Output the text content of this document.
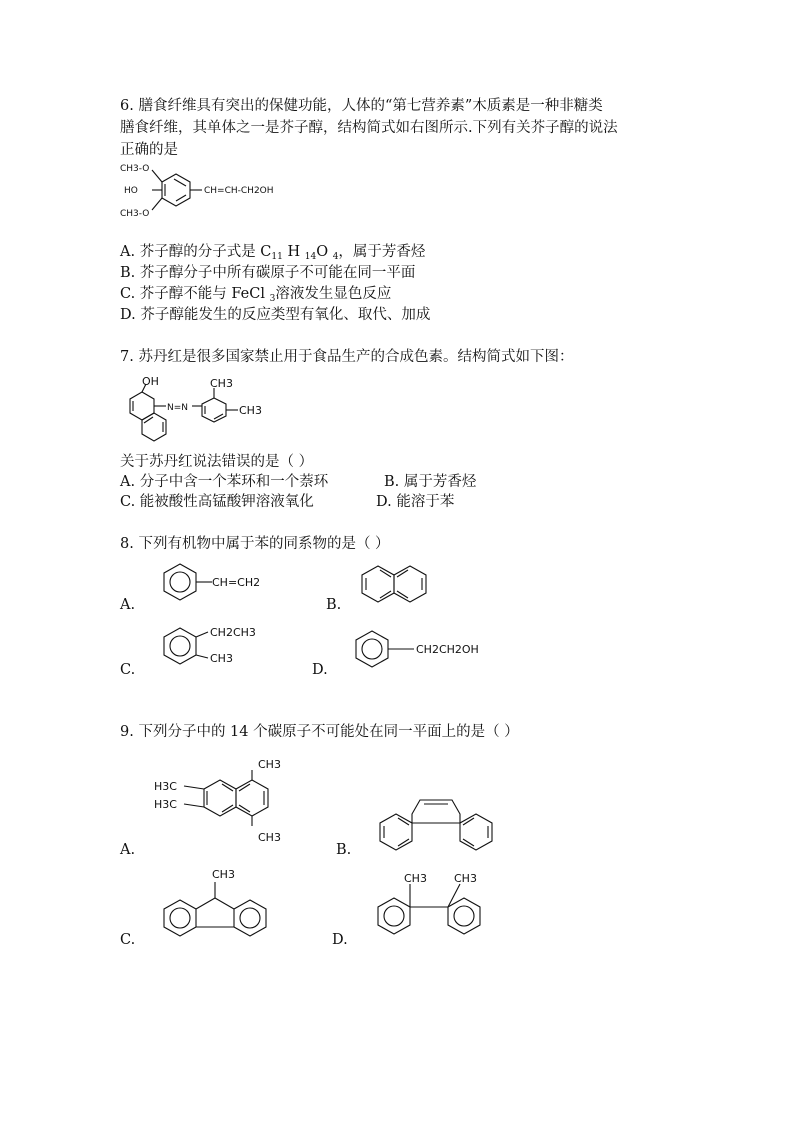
6. 膳食纤维具有突出的保健功能，人体的“第七营养素”木质素是一种非糖类
膳食纤维，其单体之一是芥子醇，结构简式如右图所示.下列有关芥子醇的说法
正确的是
CH3-O
HO	CH=CH-CH2OH
CH3-O
A. 芥子醇的分子式是 $C_{11}$ H $_{14}$O $_4$，属于芳香烃
B. 芥子醇分子中所有碳原子不可能在同一平面
C. 芥子醇不能与 FeCl $_3$溶液发生显色反应
D. 芥子醇能发生的反应类型有氧化、取代、加成
7. 苏丹红是很多国家禁止用于食品生产的合成色素。结构简式如下图：
OH
N=N
CH3
CH3
关于苏丹红说法错误的是（ ）
A. 分子中含一个苯环和一个萘环	B. 属于芳香烃
C. 能被酸性高锰酸钾溶液氧化	D. 能溶于苯
8. 下列有机物中属于苯的同系物的是（ ）
A.
CH=CH2
B.
C.
CH2CH3
CH3
D.
CH2CH2OH
9. 下列分子中的 14 个碳原子不可能处在同一平面上的是（ ）
A.
CH3
CH3
H3C
H3C
B.
C.
CH3
D.
CH3 CH3
